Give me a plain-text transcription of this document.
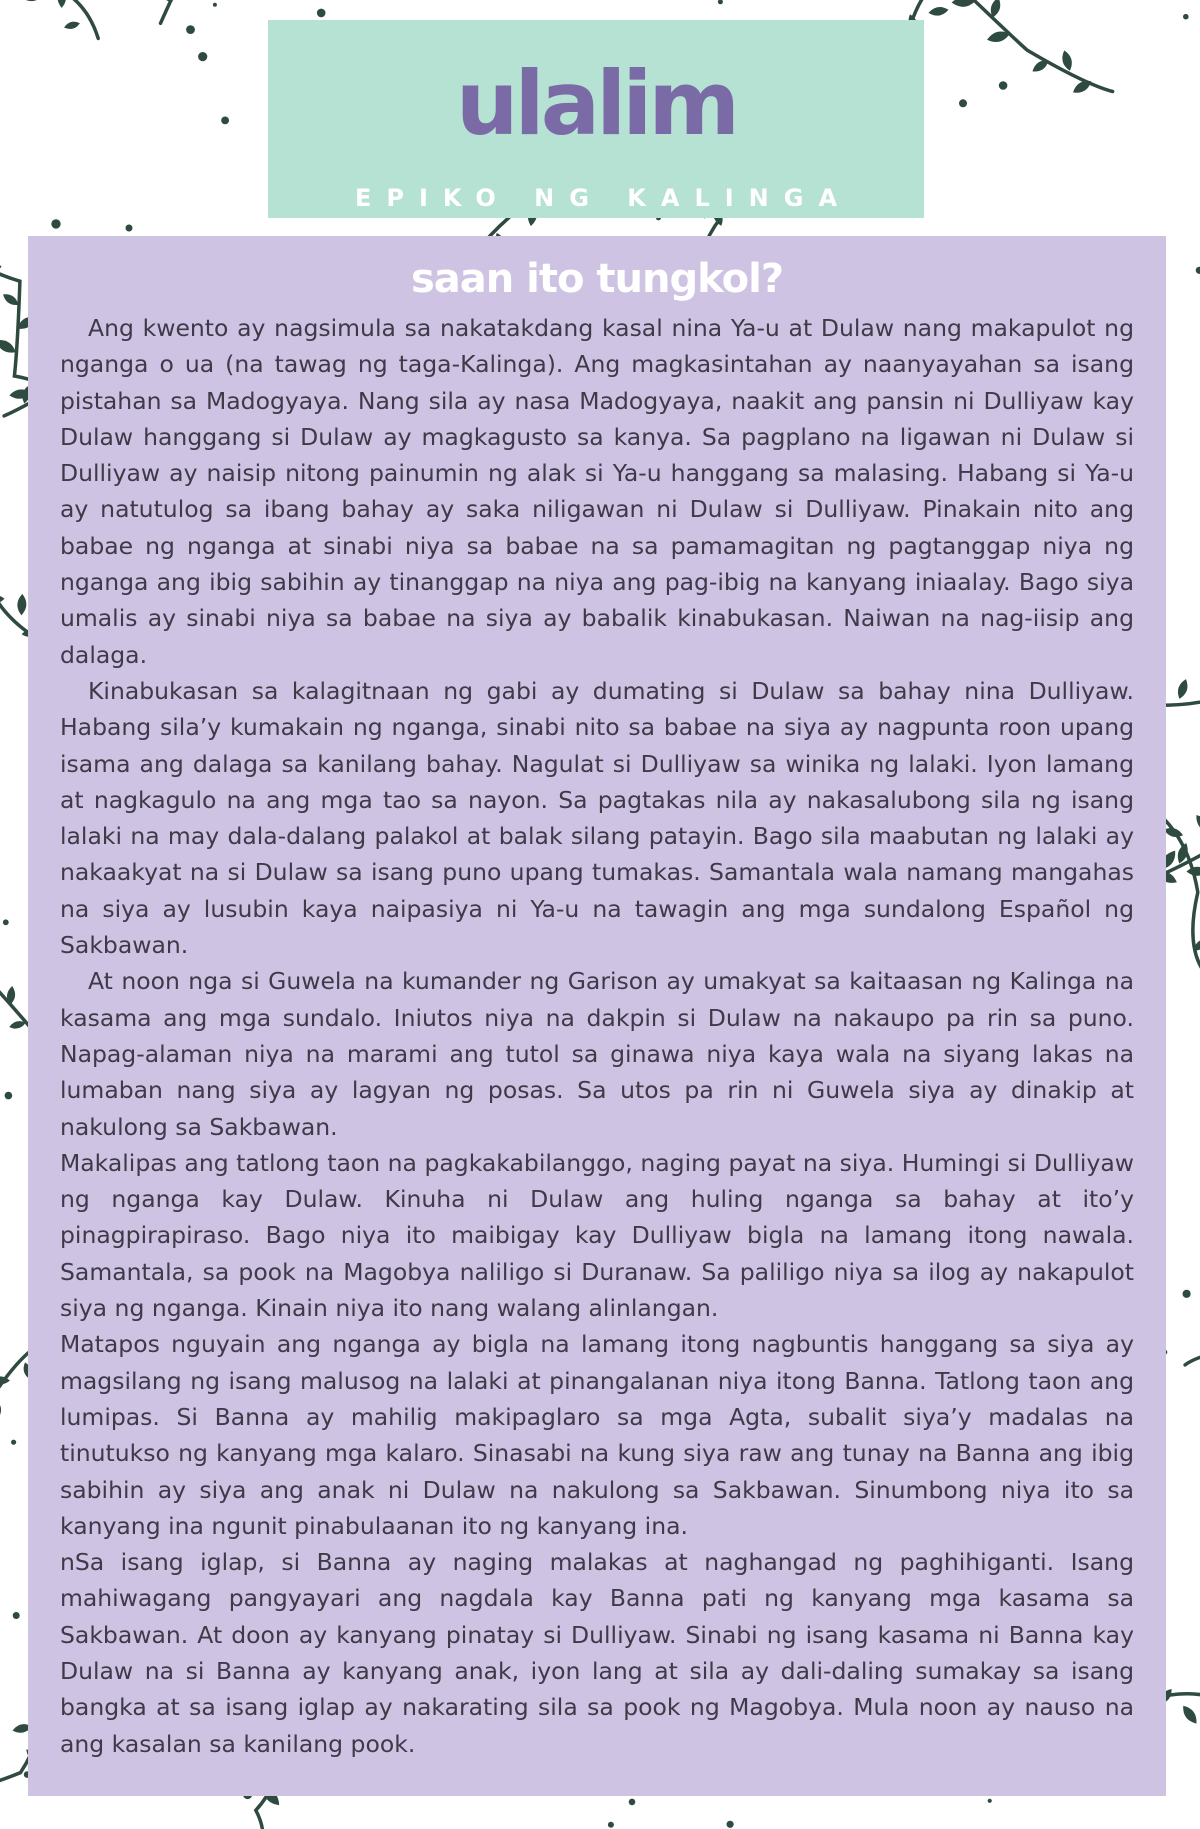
ulalim
EPIKO NG KALINGA
saan ito tungkol?

Ang kwento ay nagsimula sa nakatakdang kasal nina Ya-u at Dulaw nang makapulot ng nganga o ua (na tawag ng taga-Kalinga). Ang magkasintahan ay naanyayahan sa isang pistahan sa Madogyaya. Nang sila ay nasa Madogyaya, naakit ang pansin ni Dulliyaw kay Dulaw hanggang si Dulaw ay magkagusto sa kanya. Sa pagplano na ligawan ni Dulaw si Dulliyaw ay naisip nitong painumin ng alak si Ya-u hanggang sa malasing. Habang si Ya-u ay natutulog sa ibang bahay ay saka niligawan ni Dulaw si Dulliyaw. Pinakain nito ang babae ng nganga at sinabi niya sa babae na sa pamamagitan ng pagtanggap niya ng nganga ang ibig sabihin ay tinanggap na niya ang pag-ibig na kanyang iniaalay. Bago siya umalis ay sinabi niya sa babae na siya ay babalik kinabukasan. Naiwan na nag-iisip ang dalaga.

Kinabukasan sa kalagitnaan ng gabi ay dumating si Dulaw sa bahay nina Dulliyaw. Habang sila’y kumakain ng nganga, sinabi nito sa babae na siya ay nagpunta roon upang isama ang dalaga sa kanilang bahay. Nagulat si Dulliyaw sa winika ng lalaki. Iyon lamang at nagkagulo na ang mga tao sa nayon. Sa pagtakas nila ay nakasalubong sila ng isang lalaki na may dala-dalang palakol at balak silang patayin. Bago sila maabutan ng lalaki ay nakaakyat na si Dulaw sa isang puno upang tumakas. Samantala wala namang mangahas na siya ay lusubin kaya naipasiya ni Ya-u na tawagin ang mga sundalong Español ng Sakbawan.

At noon nga si Guwela na kumander ng Garison ay umakyat sa kaitaasan ng Kalinga na kasama ang mga sundalo. Iniutos niya na dakpin si Dulaw na nakaupo pa rin sa puno. Napag-alaman niya na marami ang tutol sa ginawa niya kaya wala na siyang lakas na lumaban nang siya ay lagyan ng posas. Sa utos pa rin ni Guwela siya ay dinakip at nakulong sa Sakbawan.

Makalipas ang tatlong taon na pagkakabilanggo, naging payat na siya. Humingi si Dulliyaw ng nganga kay Dulaw. Kinuha ni Dulaw ang huling nganga sa bahay at ito’y pinagpirapiraso. Bago niya ito maibigay kay Dulliyaw bigla na lamang itong nawala. Samantala, sa pook na Magobya naliligo si Duranaw. Sa paliligo niya sa ilog ay nakapulot siya ng nganga. Kinain niya ito nang walang alinlangan.

Matapos nguyain ang nganga ay bigla na lamang itong nagbuntis hanggang sa siya ay magsilang ng isang malusog na lalaki at pinangalanan niya itong Banna. Tatlong taon ang lumipas. Si Banna ay mahilig makipaglaro sa mga Agta, subalit siya’y madalas na tinutukso ng kanyang mga kalaro. Sinasabi na kung siya raw ang tunay na Banna ang ibig sabihin ay siya ang anak ni Dulaw na nakulong sa Sakbawan. Sinumbong niya ito sa kanyang ina ngunit pinabulaanan ito ng kanyang ina.

nSa isang iglap, si Banna ay naging malakas at naghangad ng paghihiganti. Isang mahiwagang pangyayari ang nagdala kay Banna pati ng kanyang mga kasama sa Sakbawan. At doon ay kanyang pinatay si Dulliyaw. Sinabi ng isang kasama ni Banna kay Dulaw na si Banna ay kanyang anak, iyon lang at sila ay dali-daling sumakay sa isang bangka at sa isang iglap ay nakarating sila sa pook ng Magobya. Mula noon ay nauso na ang kasalan sa kanilang pook.
